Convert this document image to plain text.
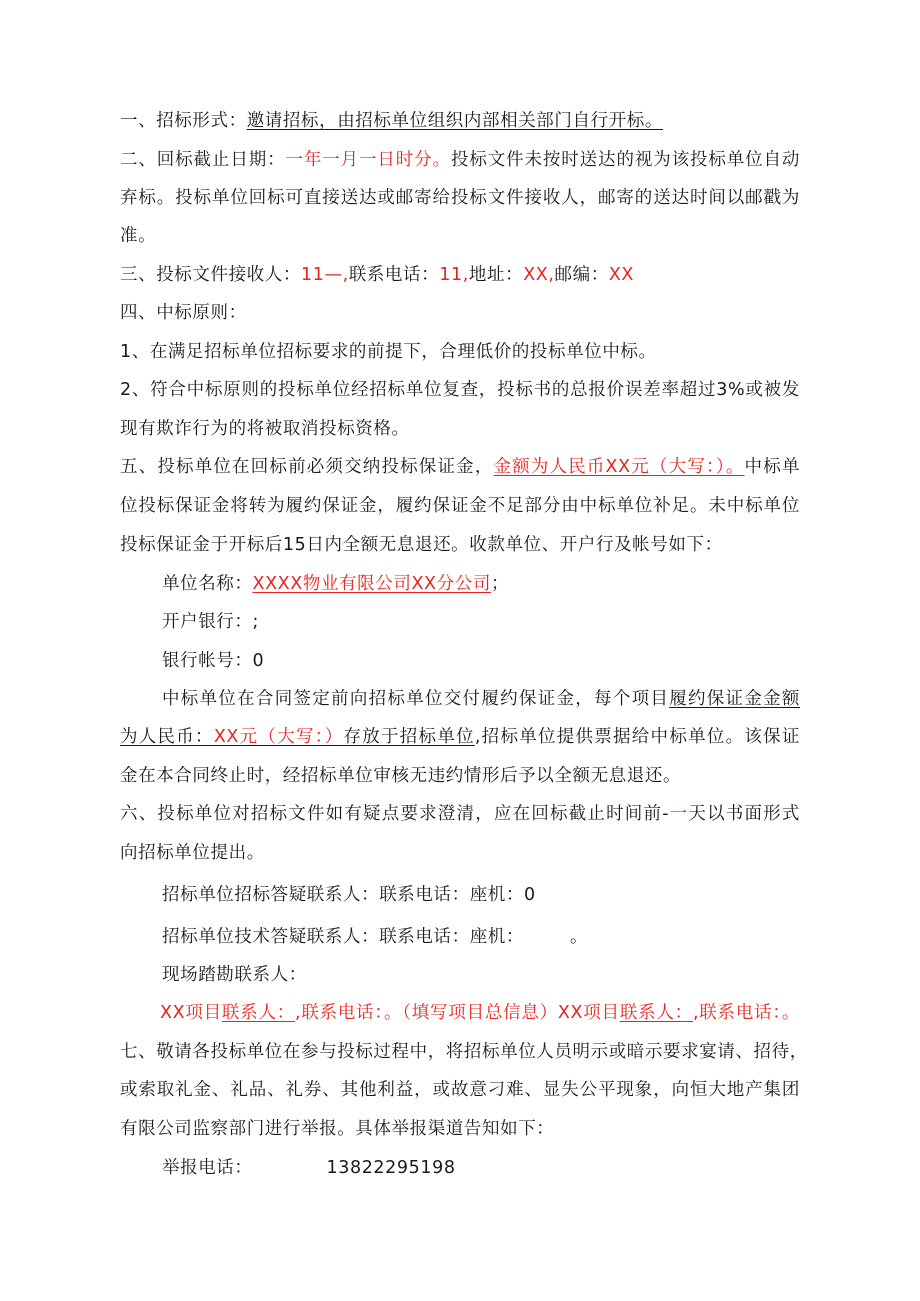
一、招标形式：邀请招标，由招标单位组织内部相关部门自行开标。
二、回标截止日期：一年一月一日时分。投标文件未按时送达的视为该投标单位自动
弃标。投标单位回标可直接送达或邮寄给投标文件接收人，邮寄的送达时间以邮戳为
准。
三、投标文件接收人：11—,联系电话：11,地址：XX,邮编：XX
四、中标原则：
1、在满足招标单位招标要求的前提下，合理低价的投标单位中标。
2、符合中标原则的投标单位经招标单位复查，投标书的总报价误差率超过3%或被发
现有欺诈行为的将被取消投标资格。
五、投标单位在回标前必须交纳投标保证金，金额为人民币XX元（大写：）。中标单
位投标保证金将转为履约保证金，履约保证金不足部分由中标单位补足。未中标单位
投标保证金于开标后15日内全额无息退还。收款单位、开户行及帐号如下：
单位名称：XXXX物业有限公司XX分公司；
开户银行：;
银行帐号：0
中标单位在合同签定前向招标单位交付履约保证金，每个项目履约保证金金额
为人民币：XX元（大写：）存放于招标单位,招标单位提供票据给中标单位。该保证
金在本合同终止时，经招标单位审核无违约情形后予以全额无息退还。
六、投标单位对招标文件如有疑点要求澄清，应在回标截止时间前-一天以书面形式
向招标单位提出。
招标单位招标答疑联系人：联系电话：座机：0
招标单位技术答疑联系人：联系电话：座机：	。
现场踏勘联系人：
XX项目联系人：,联系电话：。（填写项目总信息）XX项目联系人：,联系电话：。
七、敬请各投标单位在参与投标过程中，将招标单位人员明示或暗示要求宴请、招待，
或索取礼金、礼品、礼券、其他利益，或故意刁难、显失公平现象，向恒大地产集团
有限公司监察部门进行举报。具体举报渠道告知如下：
举报电话：	13822295198
